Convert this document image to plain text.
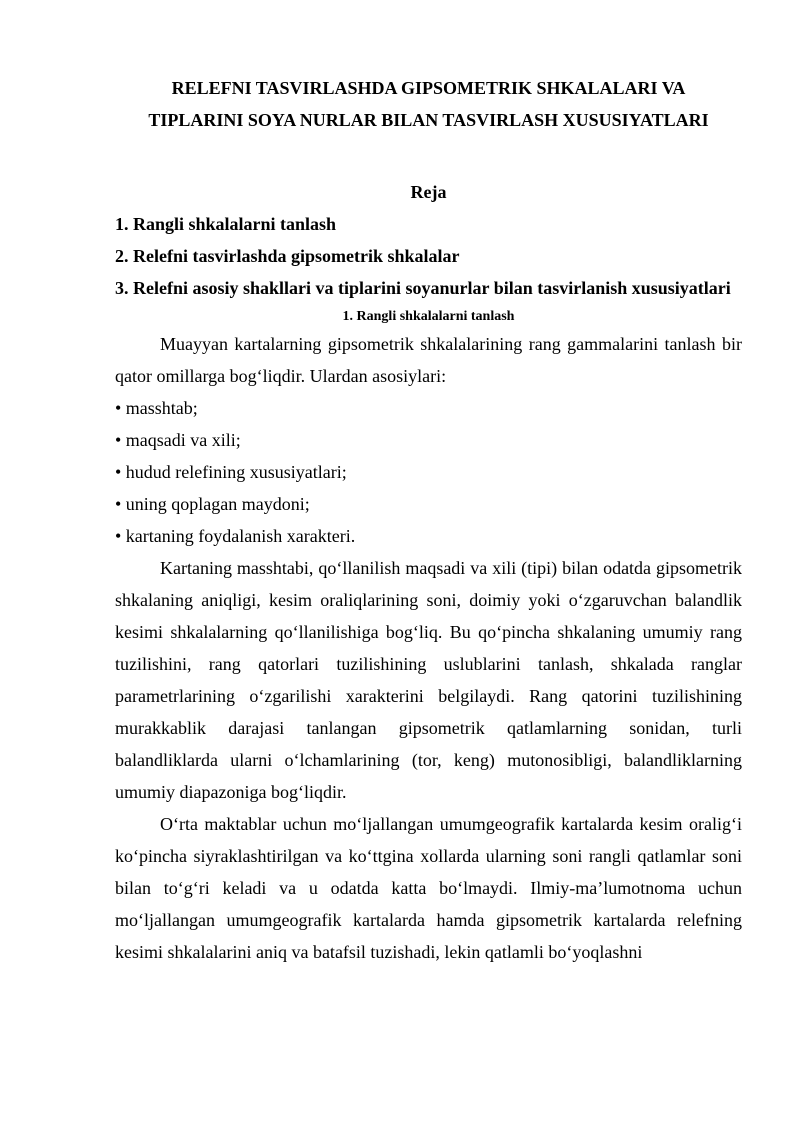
RELEFNI TASVIRLASHDA GIPSOMETRIK SHKALALARI VA
TIPLARINI SOYA NURLAR BILAN TASVIRLASH XUSUSIYATLARI
Reja
1. Rangli shkalalarni tanlash
2. Relefni tasvirlashda gipsometrik shkalalar
3. Relefni asosiy shakllari va tiplarini soyanurlar bilan tasvirlanish xususiyatlari
1. Rangli shkalalarni tanlash

Muayyan kartalarning gipsometrik shkalalarining rang gammalarini tanlash bir qator omillarga bog‘liqdir. Ulardan asosiylari:

• masshtab;
• maqsadi va xili;
• hudud relefining xususiyatlari;
• uning qoplagan maydoni;
• kartaning foydalanish xarakteri.

Kartaning masshtabi, qo‘llanilish maqsadi va xili (tipi) bilan odatda gipsometrik shkalaning aniqligi, kesim oraliqlarining soni, doimiy yoki o‘zgaruvchan balandlik kesimi shkalalarning qo‘llanilishiga bog‘liq. Bu qo‘pincha shkalaning umumiy rang tuzilishini, rang qatorlari tuzilishining uslublarini tanlash, shkalada ranglar parametrlarining o‘zgarilishi xarakterini belgilaydi. Rang qatorini tuzilishining murakkablik darajasi tanlangan gipsometrik qatlamlarning sonidan, turli balandliklarda ularni o‘lchamlarining (tor, keng) mutonosibligi, balandliklarning umumiy diapazoniga bog‘liqdir.

O‘rta maktablar uchun mo‘ljallangan umumgeografik kartalarda kesim oralig‘i ko‘pincha siyraklashtirilgan va ko‘ttgina xollarda ularning soni rangli qatlamlar soni bilan to‘g‘ri keladi va u odatda katta bo‘lmaydi. Ilmiy-ma’lumotnoma uchun mo‘ljallangan umumgeografik kartalarda hamda gipsometrik kartalarda relefning kesimi shkalalarini aniq va batafsil tuzishadi, lekin qatlamli bo‘yoqlashni
